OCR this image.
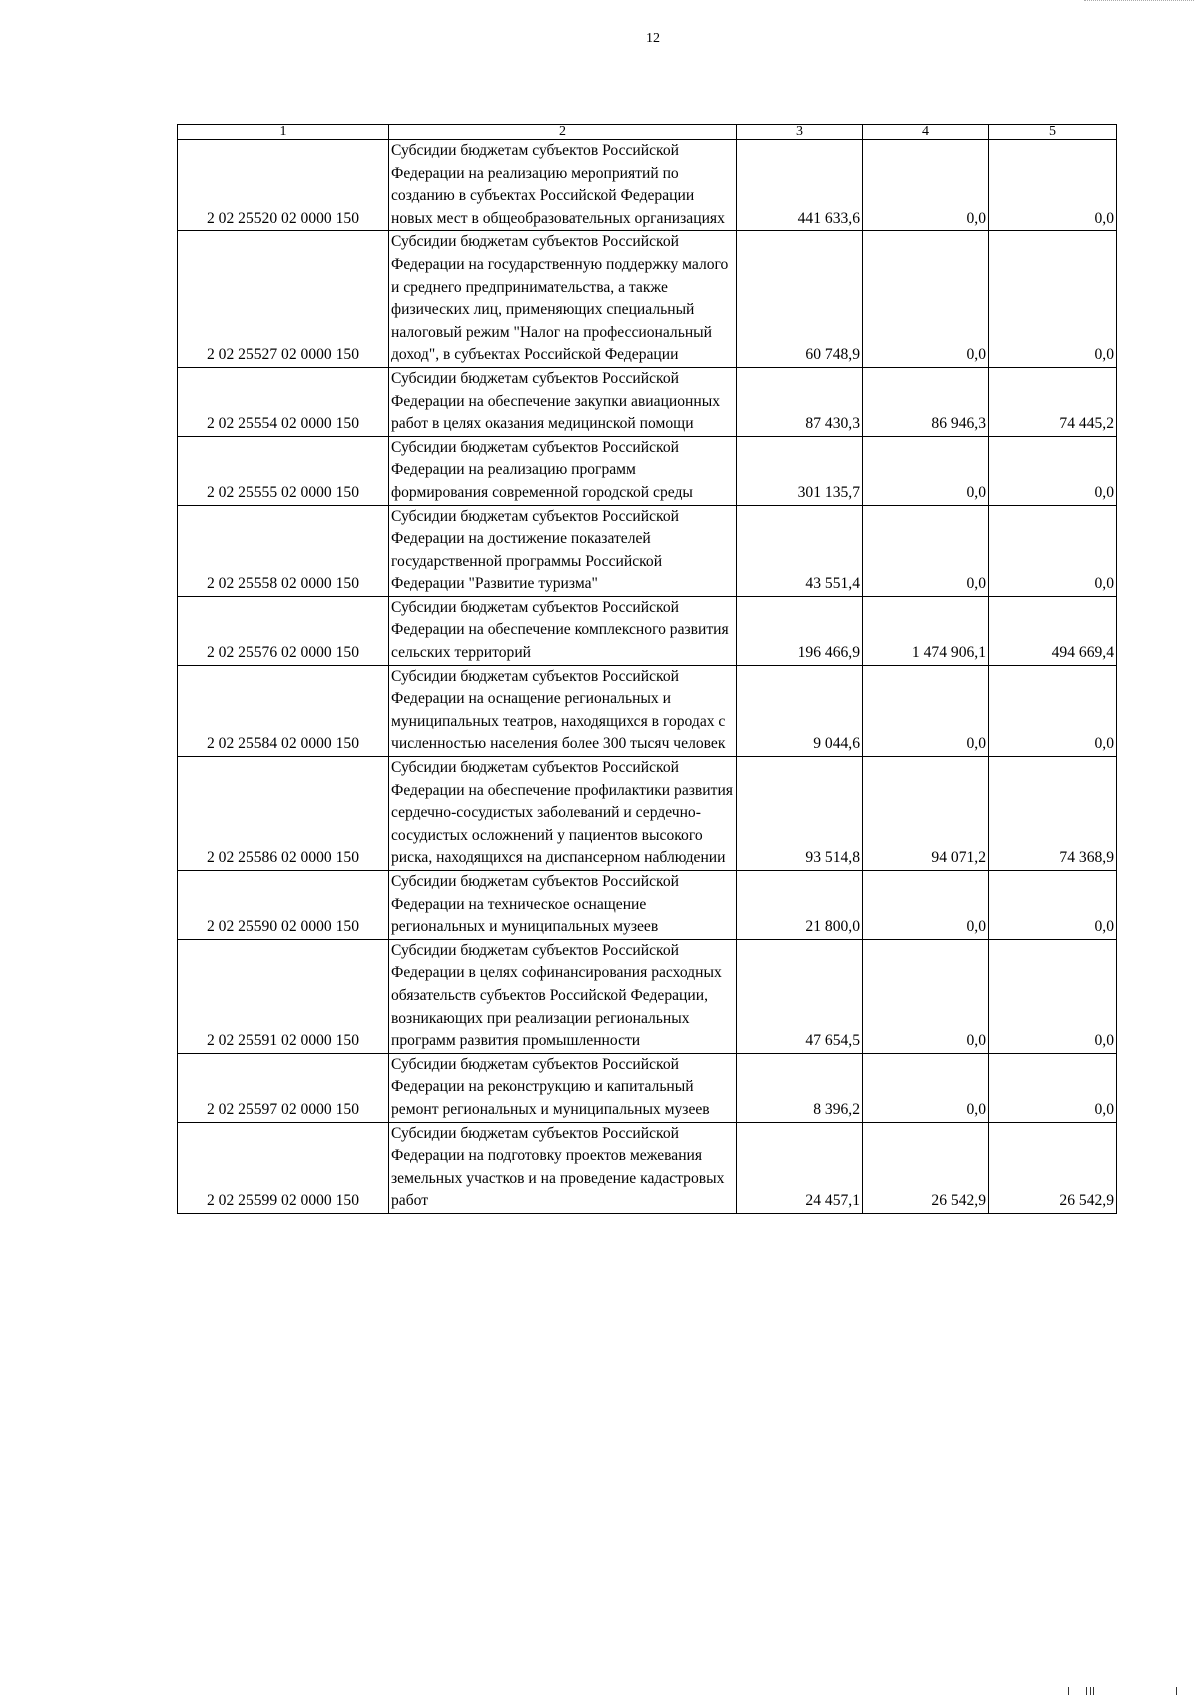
12
1	2	3	4	5
2 02 25520 02 0000 150	Субсидии бюджетам субъектов Российской Федерации на реализацию мероприятий по созданию в субъектах Российской Федерации новых мест в общеобразовательных организациях	441 633,6	0,0	0,0
2 02 25527 02 0000 150	Субсидии бюджетам субъектов Российской Федерации на государственную поддержку малого и среднего предпринимательства, а также физических лиц, применяющих специальный налоговый режим "Налог на профессиональный доход", в субъектах Российской Федерации	60 748,9	0,0	0,0
2 02 25554 02 0000 150	Субсидии бюджетам субъектов Российской Федерации на обеспечение закупки авиационных работ в целях оказания медицинской помощи	87 430,3	86 946,3	74 445,2
2 02 25555 02 0000 150	Субсидии бюджетам субъектов Российской Федерации на реализацию программ формирования современной городской среды	301 135,7	0,0	0,0
2 02 25558 02 0000 150	Субсидии бюджетам субъектов Российской Федерации на достижение показателей государственной программы Российской Федерации "Развитие туризма"	43 551,4	0,0	0,0
2 02 25576 02 0000 150	Субсидии бюджетам субъектов Российской Федерации на обеспечение комплексного развития сельских территорий	196 466,9	1 474 906,1	494 669,4
2 02 25584 02 0000 150	Субсидии бюджетам субъектов Российской Федерации на оснащение региональных и муниципальных театров, находящихся в городах с численностью населения более 300 тысяч человек	9 044,6	0,0	0,0
2 02 25586 02 0000 150	Субсидии бюджетам субъектов Российской Федерации на обеспечение профилактики развития сердечно-сосудистых заболеваний и сердечно-сосудистых осложнений у пациентов высокого риска, находящихся на диспансерном наблюдении	93 514,8	94 071,2	74 368,9
2 02 25590 02 0000 150	Субсидии бюджетам субъектов Российской Федерации на техническое оснащение региональных и муниципальных музеев	21 800,0	0,0	0,0
2 02 25591 02 0000 150	Субсидии бюджетам субъектов Российской Федерации в целях софинансирования расходных обязательств субъектов Российской Федерации, возникающих при реализации региональных программ развития промышленности	47 654,5	0,0	0,0
2 02 25597 02 0000 150	Субсидии бюджетам субъектов Российской Федерации на реконструкцию и капитальный ремонт региональных и муниципальных музеев	8 396,2	0,0	0,0
2 02 25599 02 0000 150	Субсидии бюджетам субъектов Российской Федерации на подготовку проектов межевания земельных участков и на проведение кадастровых работ	24 457,1	26 542,9	26 542,9
